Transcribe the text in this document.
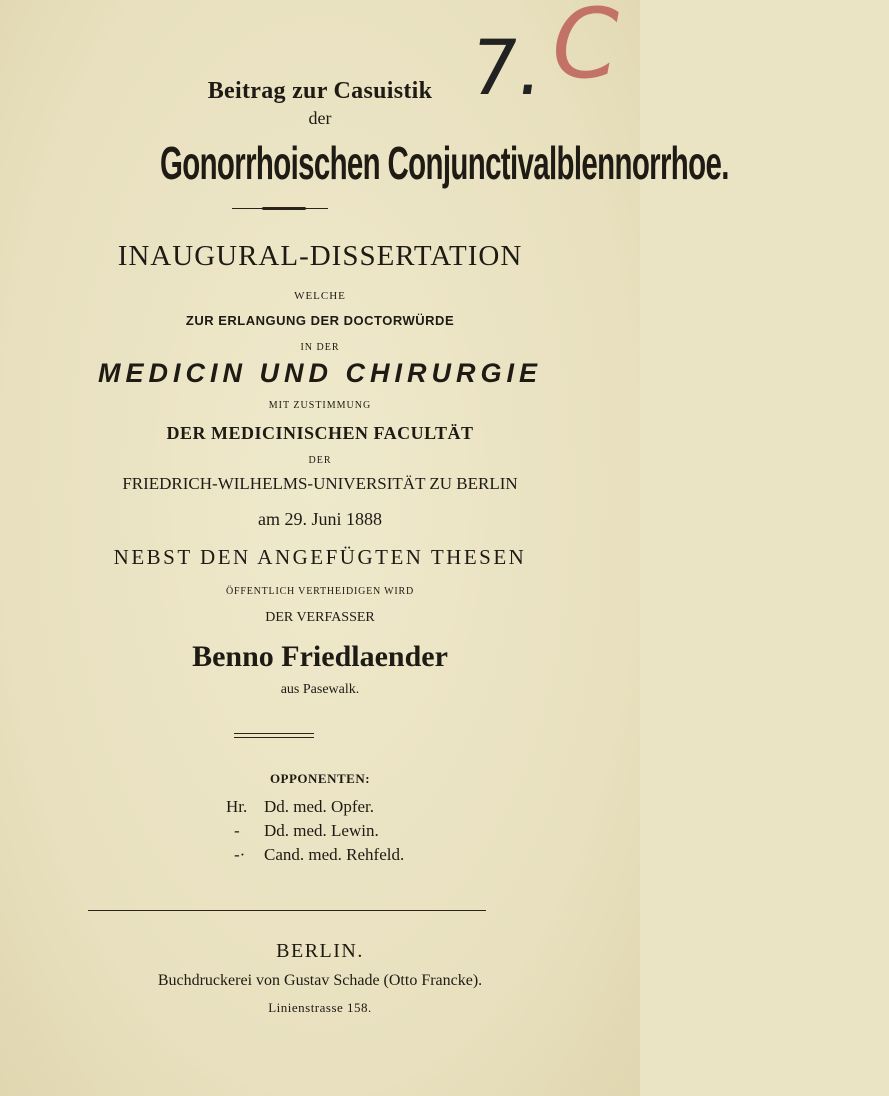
7. C
Beitrag zur Casuistik
der
Gonorrhoischen Conjunctivalblennorrhoe.
INAUGURAL-DISSERTATION
WELCHE
ZUR ERLANGUNG DER DOCTORWÜRDE
IN DER
MEDICIN UND CHIRURGIE
MIT ZUSTIMMUNG
DER MEDICINISCHEN FACULTÄT
DER
FRIEDRICH-WILHELMS-UNIVERSITÄT ZU BERLIN
am 29. Juni 1888
NEBST DEN ANGEFÜGTEN THESEN
ÖFFENTLICH VERTHEIDIGEN WIRD
DER VERFASSER
Benno Friedlaender
aus Pasewalk.
OPPONENTEN:
Hr. Dd. med. Opfer.
- Dd. med. Lewin.
-· Cand. med. Rehfeld.
BERLIN.
Buchdruckerei von Gustav Schade (Otto Francke).
Linienstrasse 158.
